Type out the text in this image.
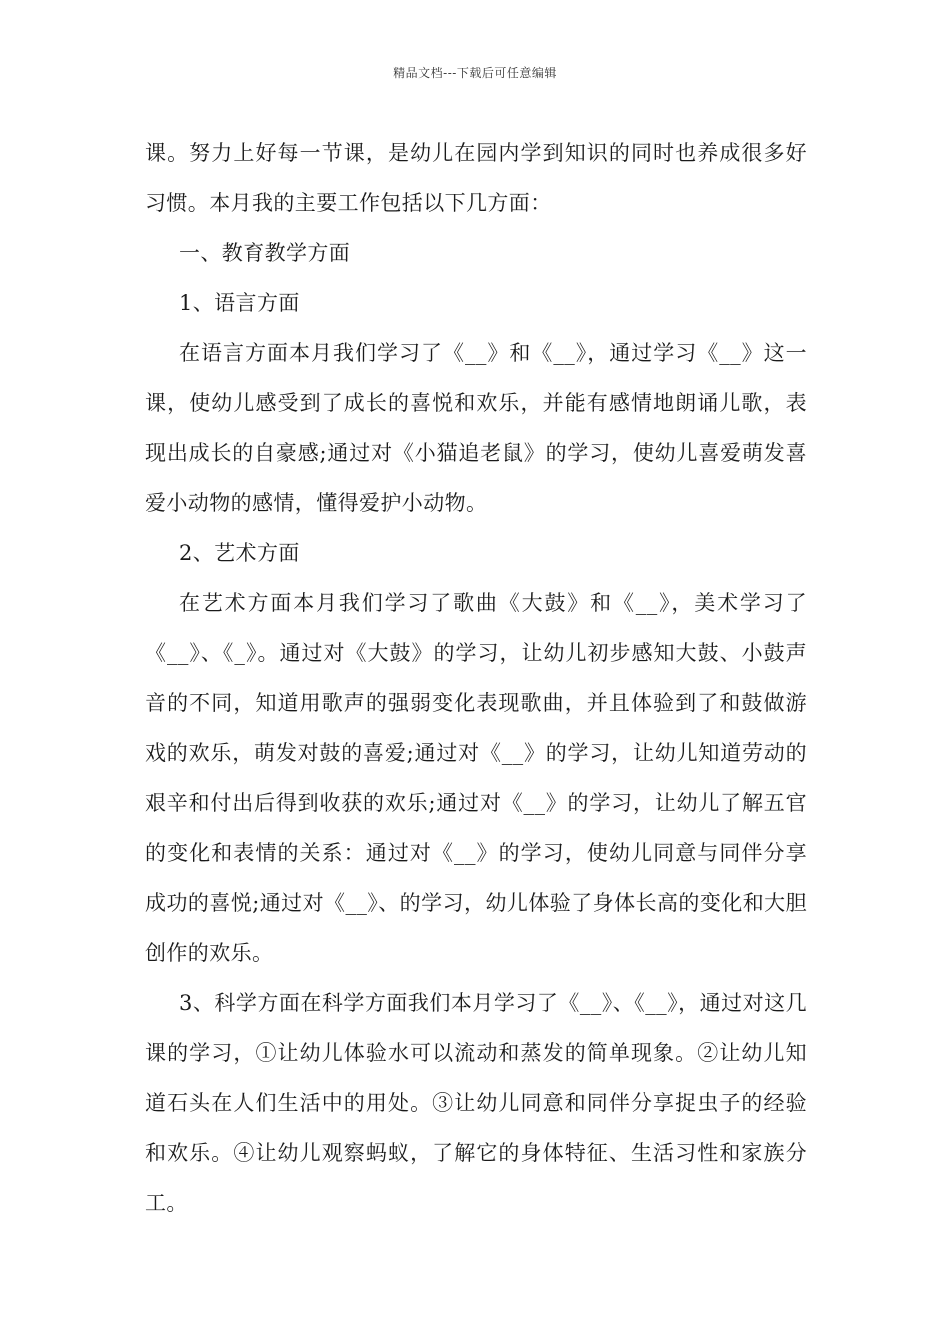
精品文档---下载后可任意编辑

课。努力上好每一节课，是幼儿在园内学到知识的同时也养成很多好习惯。本月我的主要工作包括以下几方面：

一、教育教学方面

1、语言方面

在语言方面本月我们学习了《__》和《__》，通过学习《__》这一课，使幼儿感受到了成长的喜悦和欢乐，并能有感情地朗诵儿歌，表现出成长的自豪感;通过对《小猫追老鼠》的学习，使幼儿喜爱萌发喜爱小动物的感情，懂得爱护小动物。

2、艺术方面

在艺术方面本月我们学习了歌曲《大鼓》和《__》，美术学习了《__》、《_》。通过对《大鼓》的学习，让幼儿初步感知大鼓、小鼓声音的不同，知道用歌声的强弱变化表现歌曲，并且体验到了和鼓做游戏的欢乐，萌发对鼓的喜爱;通过对《__》的学习，让幼儿知道劳动的艰辛和付出后得到收获的欢乐;通过对《__》的学习，让幼儿了解五官的变化和表情的关系：通过对《__》的学习，使幼儿同意与同伴分享成功的喜悦;通过对《__》、的学习，幼儿体验了身体长高的变化和大胆创作的欢乐。

3、科学方面在科学方面我们本月学习了《__》、《__》，通过对这几课的学习，①让幼儿体验水可以流动和蒸发的简单现象。②让幼儿知道石头在人们生活中的用处。③让幼儿同意和同伴分享捉虫子的经验和欢乐。④让幼儿观察蚂蚁，了解它的身体特征、生活习性和家族分工。
